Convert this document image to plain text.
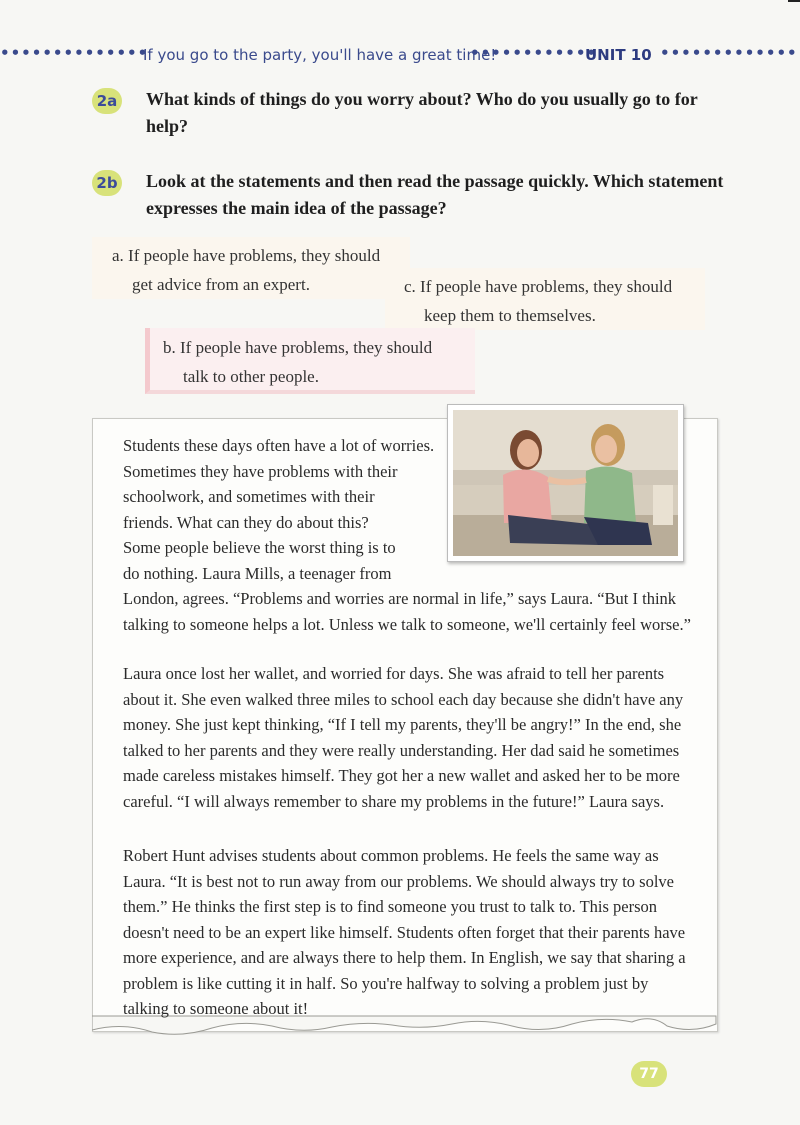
••••••••••••••
If you go to the party, you'll have a great time!
••••••••••••
UNIT 10 •••••••••••••
2a What kinds of things do you worry about? Who do you usually go to for help?
2b Look at the statements and then read the passage quickly. Which statement expresses the main idea of the passage?
a. If people have problems, they should
get advice from an expert.	c. If people have problems, they should
keep them to themselves.
b. If people have problems, they should
talk to other people.
Students these days often have a lot of worries.
Sometimes they have problems with their
schoolwork, and sometimes with their
friends. What can they do about this?
Some people believe the worst thing is to
do nothing. Laura Mills, a teenager from
London, agrees. “Problems and worries are normal in life,” says Laura. “But I think talking to someone helps a lot. Unless we talk to someone, we'll certainly feel worse.”
Laura once lost her wallet, and worried for days. She was afraid to tell her parents about it. She even walked three miles to school each day because she didn't have any money. She just kept thinking, “If I tell my parents, they'll be angry!” In the end, she talked to her parents and they were really understanding. Her dad said he sometimes made careless mistakes himself. They got her a new wallet and asked her to be more careful. “I will always remember to share my problems in the future!” Laura says.
Robert Hunt advises students about common problems. He feels the same way as Laura. “It is best not to run away from our problems. We should always try to solve them.” He thinks the first step is to find someone you trust to talk to. This person doesn't need to be an expert like himself. Students often forget that their parents have more experience, and are always there to help them. In English, we say that sharing a problem is like cutting it in half. So you're halfway to solving a problem just by talking to someone about it!
77
